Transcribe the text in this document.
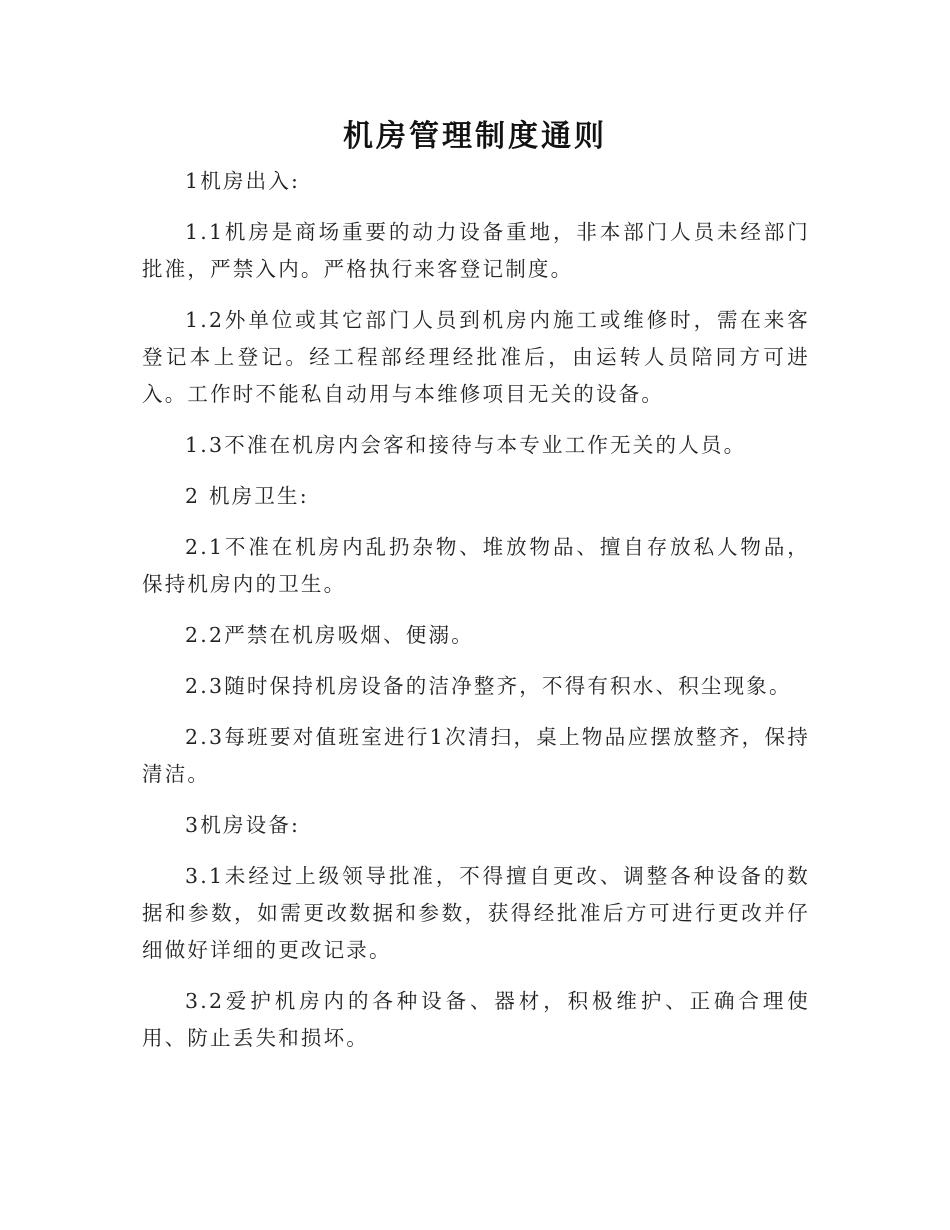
机房管理制度通则

1机房出入:

1.1机房是商场重要的动力设备重地，非本部门人员未经部门批准，严禁入内。严格执行来客登记制度。

1.2外单位或其它部门人员到机房内施工或维修时，需在来客登记本上登记。经工程部经理经批准后，由运转人员陪同方可进入。工作时不能私自动用与本维修项目无关的设备。

1.3不准在机房内会客和接待与本专业工作无关的人员。

2 机房卫生:

2.1不准在机房内乱扔杂物、堆放物品、擅自存放私人物品，保持机房内的卫生。

2.2严禁在机房吸烟、便溺。

2.3随时保持机房设备的洁净整齐，不得有积水、积尘现象。

2.3每班要对值班室进行1次清扫，桌上物品应摆放整齐，保持清洁。

3机房设备:

3.1未经过上级领导批准，不得擅自更改、调整各种设备的数据和参数，如需更改数据和参数，获得经批准后方可进行更改并仔细做好详细的更改记录。

3.2爱护机房内的各种设备、器材，积极维护、正确合理使用、防止丢失和损坏。
